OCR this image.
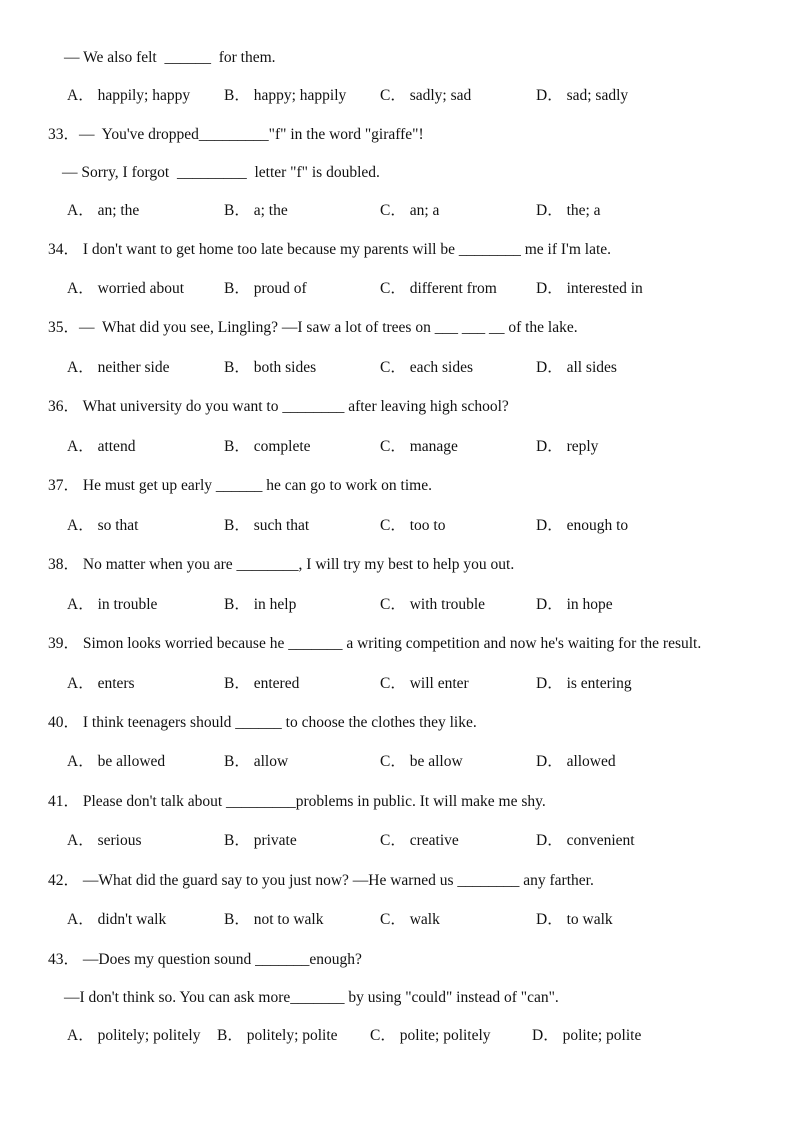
— We also felt  ______  for them.
A． happily; happy B． happy; happily C． sadly; sad	D． sad; sadly
33．—  You've dropped_________"f" in the word "giraffe"!
— Sorry, I forgot  _________  letter "f" is doubled.
A． an; the	B． a; the	C． an; a	D． the; a
34． I don't want to get home too late because my parents will be ________ me if I'm late.
A． worried about	B． proud of	C． different from	D． interested in
35．—  What did you see, Lingling? —I saw a lot of trees on ___ ___ __ of the lake.
A． neither side	B． both sides	C． each sides	D． all sides
36． What university do you want to ________ after leaving high school?
A． attend	B． complete	C． manage	D． reply
37． He must get up early ______ he can go to work on time.
A． so that	B． such that	C． too to	D． enough to
38． No matter when you are ________, I will try my best to help you out.
A． in trouble	B． in help	C． with trouble	D． in hope
39． Simon looks worried because he _______ a writing competition and now he's waiting for the result.
A． enters	B． entered	C． will enter	D． is entering
40． I think teenagers should ______ to choose the clothes they like.
A． be allowed	B． allow	C． be allow	D． allowed
41． Please don't talk about _________problems in public. It will make me shy.
A． serious	B． private	C． creative	D． convenient
42． —What did the guard say to you just now? —He warned us ________ any farther.
A． didn't walk	B． not to walk	C． walk	D． to walk
43． —Does my question sound _______enough?
—I don't think so. You can ask more_______ by using "could" instead of "can".
A． politely; politely B． politely; polite C． polite; politely	D． polite; polite
